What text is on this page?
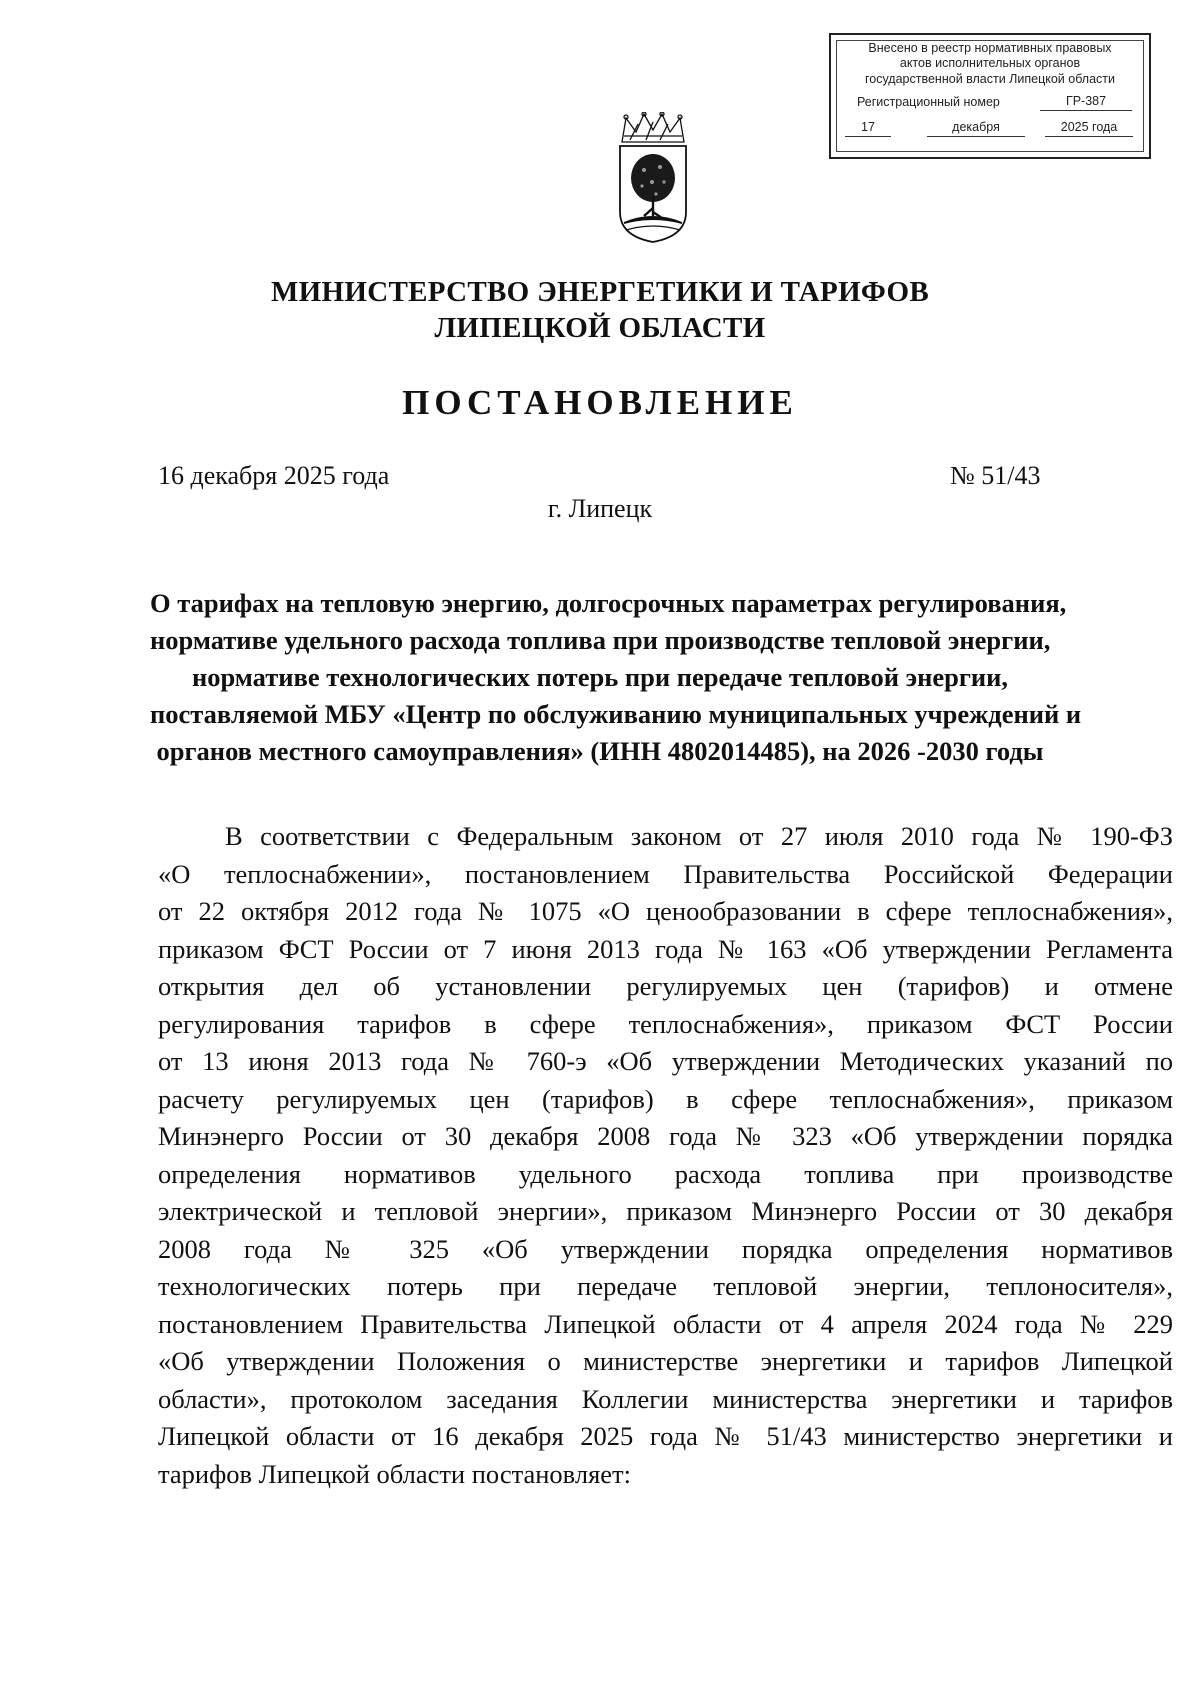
Внесено в реестр нормативных правовых
актов исполнительных органов
государственной власти Липецкой области
Регистрационный номер	ГР-387
17	декабря	2025 года
МИНИСТЕРСТВО ЭНЕРГЕТИКИ И ТАРИФОВ
ЛИПЕЦКОЙ ОБЛАСТИ
ПОСТАНОВЛЕНИЕ
16 декабря 2025 года	№ 51/43
г. Липецк
О тарифах на тепловую энергию, долгосрочных параметрах регулирования,
нормативе удельного расхода топлива при производстве тепловой энергии,
нормативе технологических потерь при передаче тепловой энергии,
поставляемой МБУ «Центр по обслуживанию муниципальных учреждений и
органов местного самоуправления» (ИНН 4802014485), на 2026 -2030 годы
В соответствии с Федеральным законом от 27 июля 2010 года № 190-ФЗ
«О теплоснабжении», постановлением Правительства Российской Федерации
от 22 октября 2012 года № 1075 «О ценообразовании в сфере теплоснабжения»,
приказом ФСТ России от 7 июня 2013 года № 163 «Об утверждении Регламента
открытия дел об установлении регулируемых цен (тарифов) и отмене
регулирования тарифов в сфере теплоснабжения», приказом ФСТ России
от 13 июня 2013 года № 760-э «Об утверждении Методических указаний по
расчету регулируемых цен (тарифов) в сфере теплоснабжения», приказом
Минэнерго России от 30 декабря 2008 года № 323 «Об утверждении порядка
определения нормативов удельного расхода топлива при производстве
электрической и тепловой энергии», приказом Минэнерго России от 30 декабря
2008 года № 325 «Об утверждении порядка определения нормативов
технологических потерь при передаче тепловой энергии, теплоносителя»,
постановлением Правительства Липецкой области от 4 апреля 2024 года № 229
«Об утверждении Положения о министерстве энергетики и тарифов Липецкой
области», протоколом заседания Коллегии министерства энергетики и тарифов
Липецкой области от 16 декабря 2025 года № 51/43 министерство энергетики и
тарифов Липецкой области постановляет:
